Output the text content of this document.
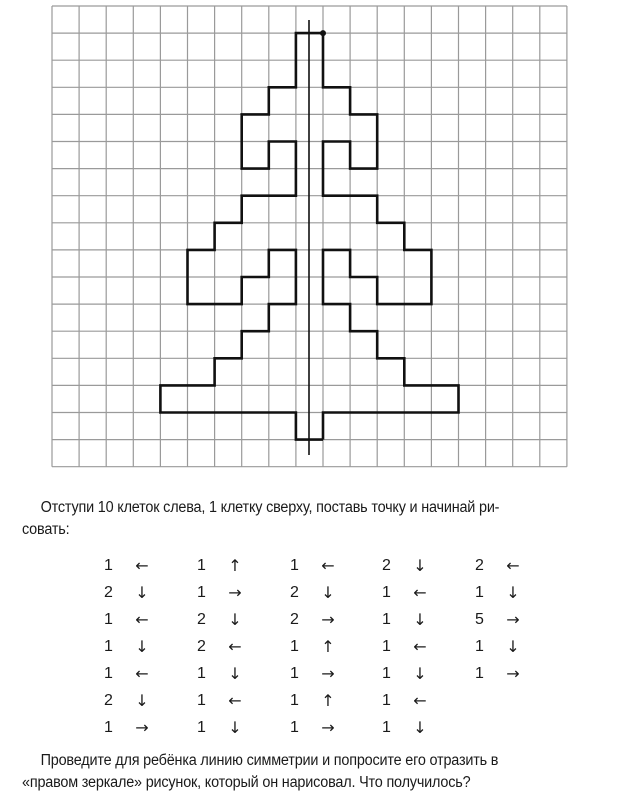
Отступи 10 клеток слева, 1 клетку сверху, поставь точку и начинай ри-
совать:
1	←
2	↓
1	←
1	↓
1	←
2	↓
1	→
1	↑
1	→
2	↓
2	←
1	↓
1	←
1	↓
1	←
2	↓
2	→
1	↑
1	→
1	↑
1	→
2	↓
1	←
1	↓
1	←
1	↓
1	←
1	↓
2	←
1	↓
5	→
1	↓
1	→
Проведите для ребёнка линию симметрии и попросите его отразить в
«правом зеркале» рисунок, который он нарисовал. Что получилось?
